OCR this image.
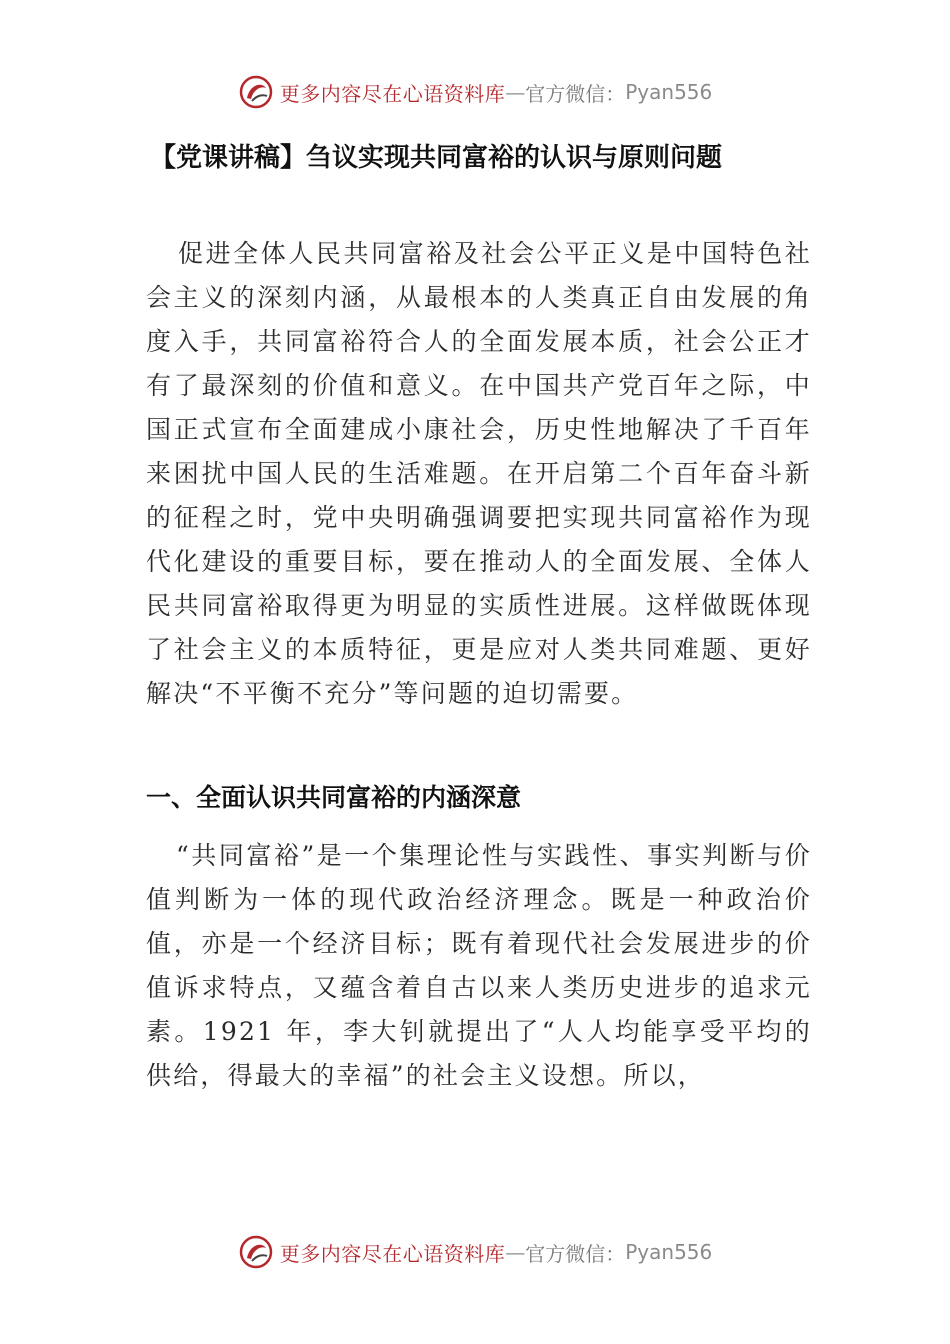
更多内容尽在心语资料库 — 官方微信： Pyan556
【党课讲稿】刍议实现共同富裕的认识与原则问题

促进全体人民共同富裕及社会公平正义是中国特色社会主义的深刻内涵，从最根本的人类真正自由发展的角度入手，共同富裕符合人的全面发展本质，社会公正才有了最深刻的价值和意义。在中国共产党百年之际，中国正式宣布全面建成小康社会，历史性地解决了千百年来困扰中国人民的生活难题。在开启第二个百年奋斗新的征程之时，党中央明确强调要把实现共同富裕作为现代化建设的重要目标，要在推动人的全面发展、全体人民共同富裕取得更为明显的实质性进展。这样做既体现了社会主义的本质特征，更是应对人类共同难题、更好解决“不平衡不充分”等问题的迫切需要。

一、全面认识共同富裕的内涵深意

“共同富裕”是一个集理论性与实践性、事实判断与价值判断为一体的现代政治经济理念。既是一种政治价值，亦是一个经济目标；既有着现代社会发展进步的价值诉求特点，又蕴含着自古以来人类历史进步的追求元素。1921 年，李大钊就提出了“人人均能享受平均的供给，得最大的幸福”的社会主义设想。所以，

更多内容尽在心语资料库 — 官方微信： Pyan556
